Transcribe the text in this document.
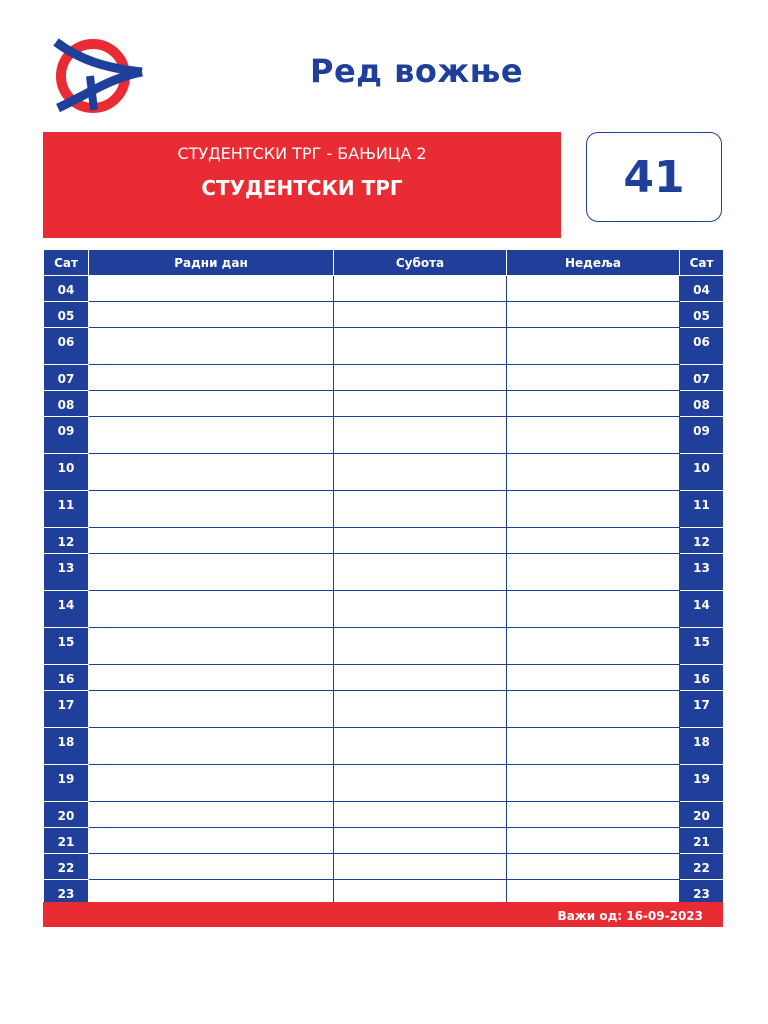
Ред вожње
СТУДЕНТСКИ ТРГ - БАЊИЦА 2
СТУДЕНТСКИ ТРГ	41
Сат	Радни дан	Субота	Недеља	Сат
04				04
05				05
06				06
07				07
08				08
09				09
10				10
11				11
12				12
13				13
14				14
15				15
16				16
17				17
18				18
19				19
20				20
21				21
22				22
23				23
Важи од: 16-09-2023
